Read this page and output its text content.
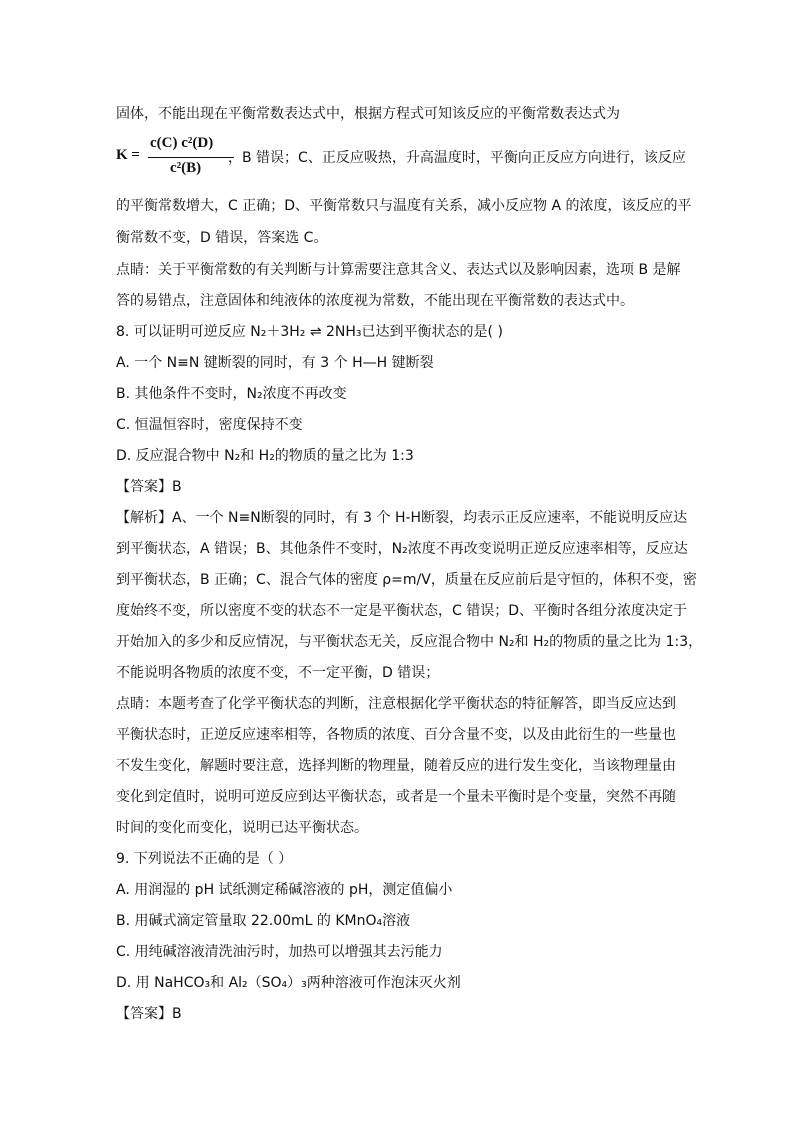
固体，不能出现在平衡常数表达式中，根据方程式可知该反应的平衡常数表达式为
K =
c(C) c²(D)
c²(B)
，B 错误；C、正反应吸热，升高温度时，平衡向正反应方向进行，该反应
的平衡常数增大，C 正确；D、平衡常数只与温度有关系，减小反应物 A 的浓度，该反应的平
衡常数不变，D 错误，答案选 C。
点睛：关于平衡常数的有关判断与计算需要注意其含义、表达式以及影响因素，选项 B 是解
答的易错点，注意固体和纯液体的浓度视为常数，不能出现在平衡常数的表达式中。
8. 可以证明可逆反应 N₂＋3H₂ ⇌ 2NH₃已达到平衡状态的是( )
A. 一个 N≡N 键断裂的同时，有 3 个 H—H 键断裂
B. 其他条件不变时，N₂浓度不再改变
C. 恒温恒容时，密度保持不变
D. 反应混合物中 N₂和 H₂的物质的量之比为 1:3
【答案】B
【解析】A、一个 N≡N断裂的同时，有 3 个 H-H断裂，均表示正反应速率，不能说明反应达
到平衡状态，A 错误；B、其他条件不变时，N₂浓度不再改变说明正逆反应速率相等，反应达
到平衡状态，B 正确；C、混合气体的密度 ρ=m/V，质量在反应前后是守恒的，体积不变，密
度始终不变，所以密度不变的状态不一定是平衡状态，C 错误；D、平衡时各组分浓度决定于
开始加入的多少和反应情况，与平衡状态无关，反应混合物中 N₂和 H₂的物质的量之比为 1:3，
不能说明各物质的浓度不变，不一定平衡，D 错误；
点睛：本题考查了化学平衡状态的判断，注意根据化学平衡状态的特征解答，即当反应达到
平衡状态时，正逆反应速率相等，各物质的浓度、百分含量不变，以及由此衍生的一些量也
不发生变化，解题时要注意，选择判断的物理量，随着反应的进行发生变化，当该物理量由
变化到定值时，说明可逆反应到达平衡状态，或者是一个量未平衡时是个变量，突然不再随
时间的变化而变化，说明已达平衡状态。
9. 下列说法不正确的是（ ）
A. 用润湿的 pH 试纸测定稀碱溶液的 pH，测定值偏小
B. 用碱式滴定管量取 22.00mL 的 KMnO₄溶液
C. 用纯碱溶液清洗油污时，加热可以增强其去污能力
D. 用 NaHCO₃和 Al₂（SO₄）₃两种溶液可作泡沫灭火剂
【答案】B
